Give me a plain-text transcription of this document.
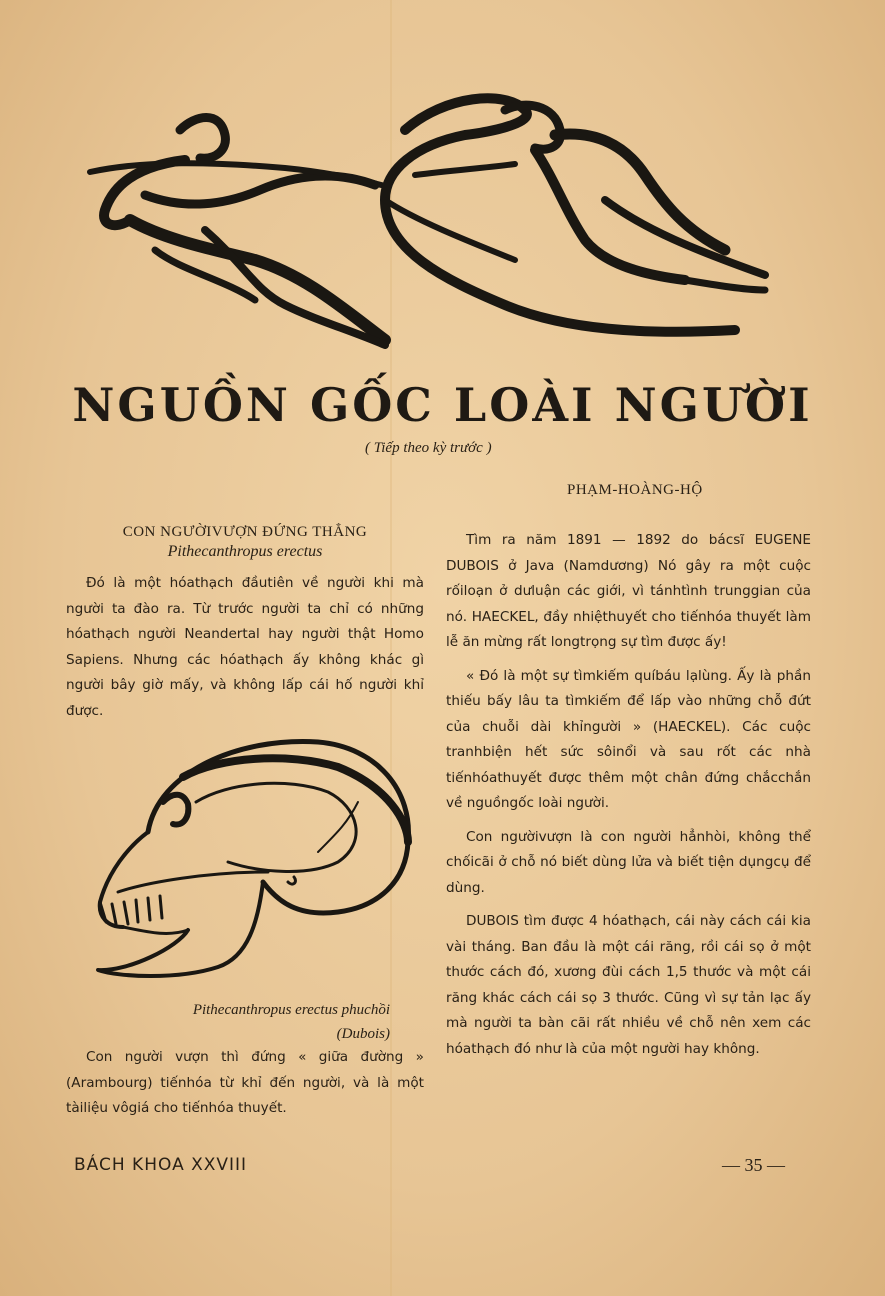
NGUỒN GỐC LOÀI NGƯỜI
( Tiếp theo kỳ trước )
PHẠM-HOÀNG-HỘ

CON NGƯỜIVƯỢN ĐỨNG THẲNG

Pithecanthropus erectus

Đó là một hóathạch đầutiên về người khi mà người ta đào ra. Từ trước người ta chỉ có những hóathạch người Neandertal hay người thật Homo Sapiens. Nhưng các hóathạch ấy không khác gì người bây giờ mấy, và không lấp cái hố người khỉ được.

Pithecanthropus erectus phuchồi
(Dubois)

Con người vượn thì đứng « giữa đường » (Arambourg) tiếnhóa từ khỉ đến người, và là một tàiliệu vôgiá cho tiếnhóa thuyết.

Tìm ra năm 1891 — 1892 do bácsĩ EUGENE DUBOIS ở Java (Namdương) Nó gây ra một cuộc rốiloạn ở dưluận các giới, vì tánhtình trunggian của nó. HAECKEL, đầy nhiệthuyết cho tiếnhóa thuyết làm lễ ăn mừng rất longtrọng sự tìm được ấy!

« Đó là một sự tìmkiếm quíbáu lạlùng. Ấy là phần thiếu bấy lâu ta tìmkiếm để lấp vào những chỗ đứt của chuỗi dài khỉngười » (HAECKEL). Các cuộc tranhbiện hết sức sôinổi và sau rốt các nhà tiếnhóathuyết được thêm một chân đứng chắcchắn về nguồngốc loài người.

Con ngườivượn là con người hẳnhòi, không thể chốicãi ở chỗ nó biết dùng lửa và biết tiện dụngcụ để dùng.

DUBOIS tìm được 4 hóathạch, cái này cách cái kia vài tháng. Ban đầu là một cái răng, rồi cái sọ ở một thước cách đó, xương đùi cách 1,5 thước và một cái răng khác cách cái sọ 3 thước. Cũng vì sự tản lạc ấy mà người ta bàn cãi rất nhiều về chỗ nên xem các hóathạch đó như là của một người hay không.

BÁCH KHOA XXVIII	— 35 —
